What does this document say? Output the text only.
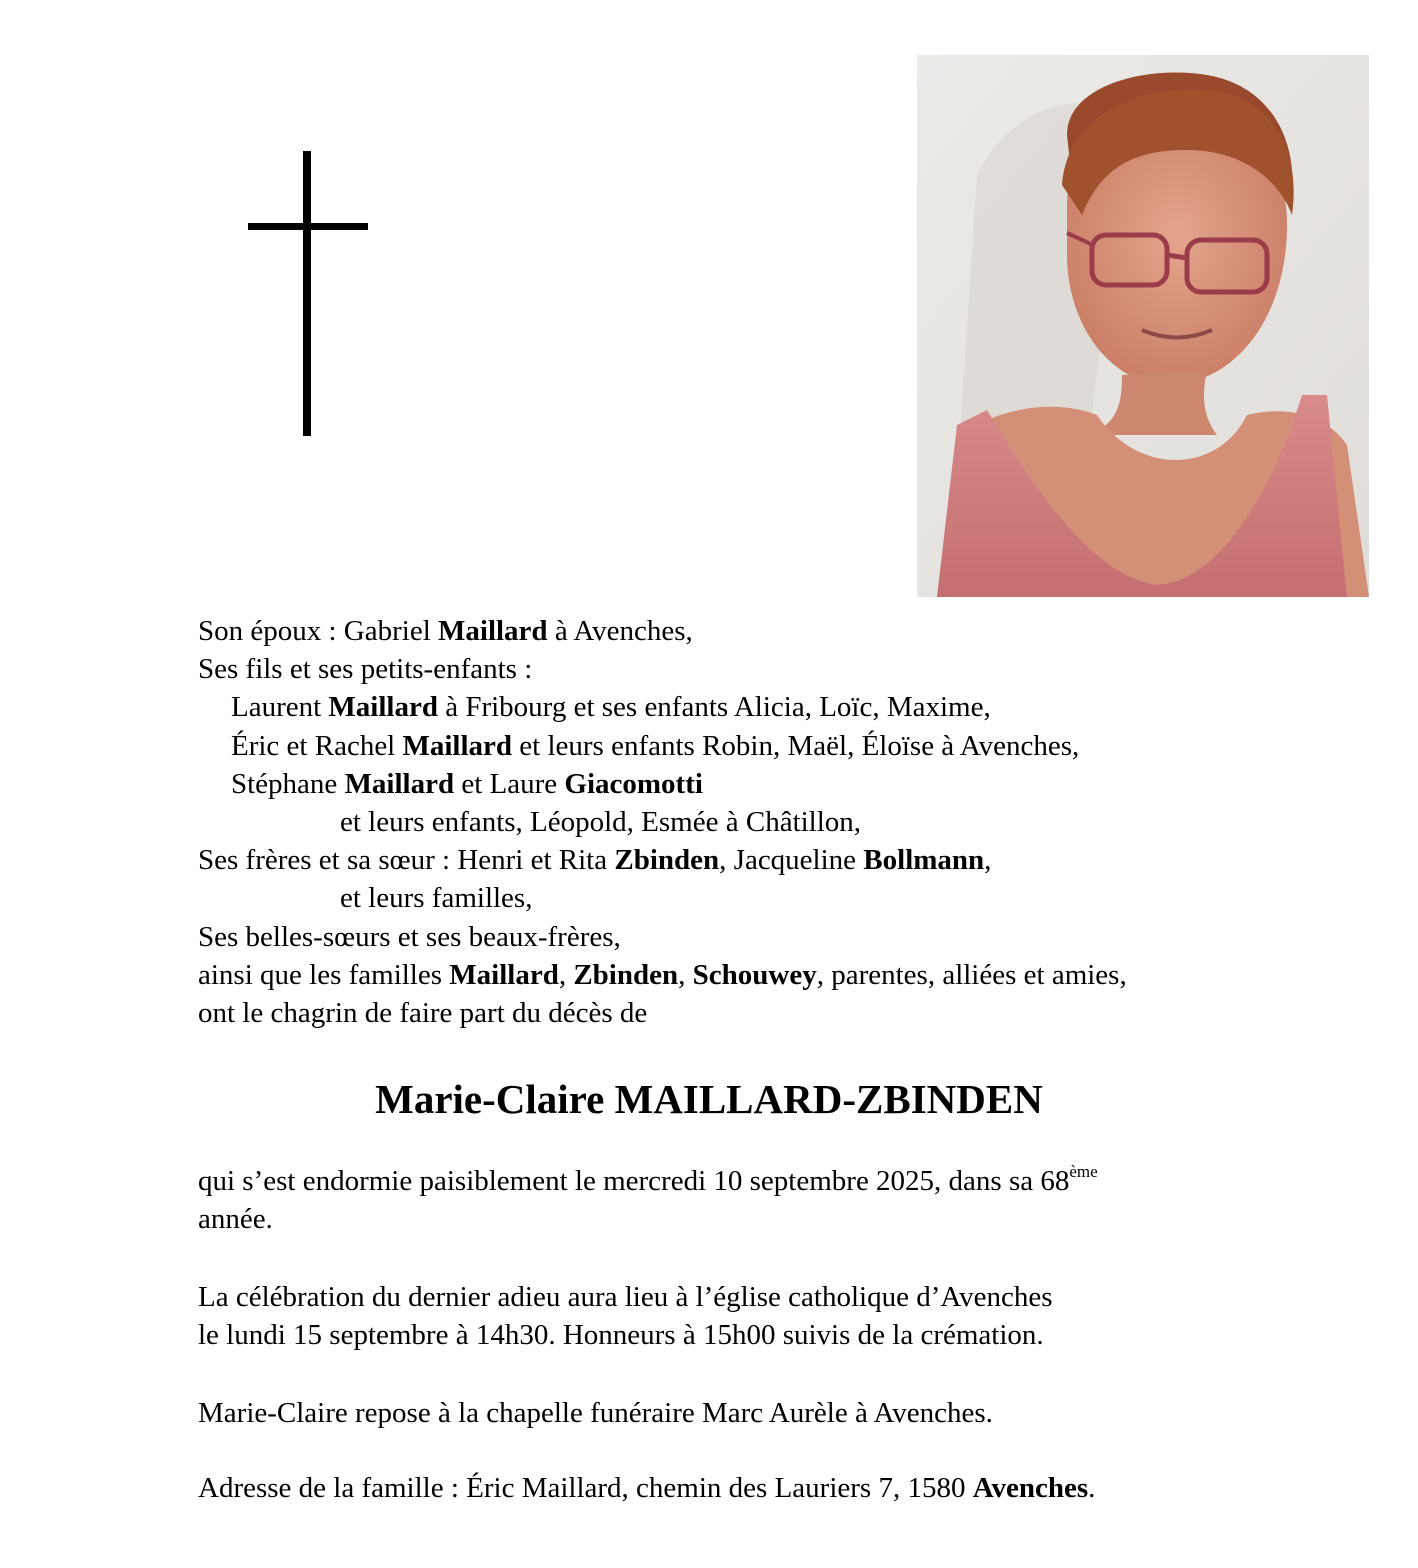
Son époux : Gabriel Maillard à Avenches,
Ses fils et ses petits-enfants :
Laurent Maillard à Fribourg et ses enfants Alicia, Loïc, Maxime,
Éric et Rachel Maillard et leurs enfants Robin, Maël, Éloïse à Avenches,
Stéphane Maillard et Laure Giacomotti
et leurs enfants, Léopold, Esmée à Châtillon,
Ses frères et sa sœur : Henri et Rita Zbinden, Jacqueline Bollmann,
et leurs familles,
Ses belles-sœurs et ses beaux-frères,
ainsi que les familles Maillard, Zbinden, Schouwey, parentes, alliées et amies,
ont le chagrin de faire part du décès de
Marie-Claire MAILLARD-ZBINDEN
qui s’est endormie paisiblement le mercredi 10 septembre 2025, dans sa 68ème
année.
La célébration du dernier adieu aura lieu à l’église catholique d’Avenches
le lundi 15 septembre à 14h30. Honneurs à 15h00 suivis de la crémation.
Marie-Claire repose à la chapelle funéraire Marc Aurèle à Avenches.
Adresse de la famille : Éric Maillard, chemin des Lauriers 7, 1580 Avenches.
